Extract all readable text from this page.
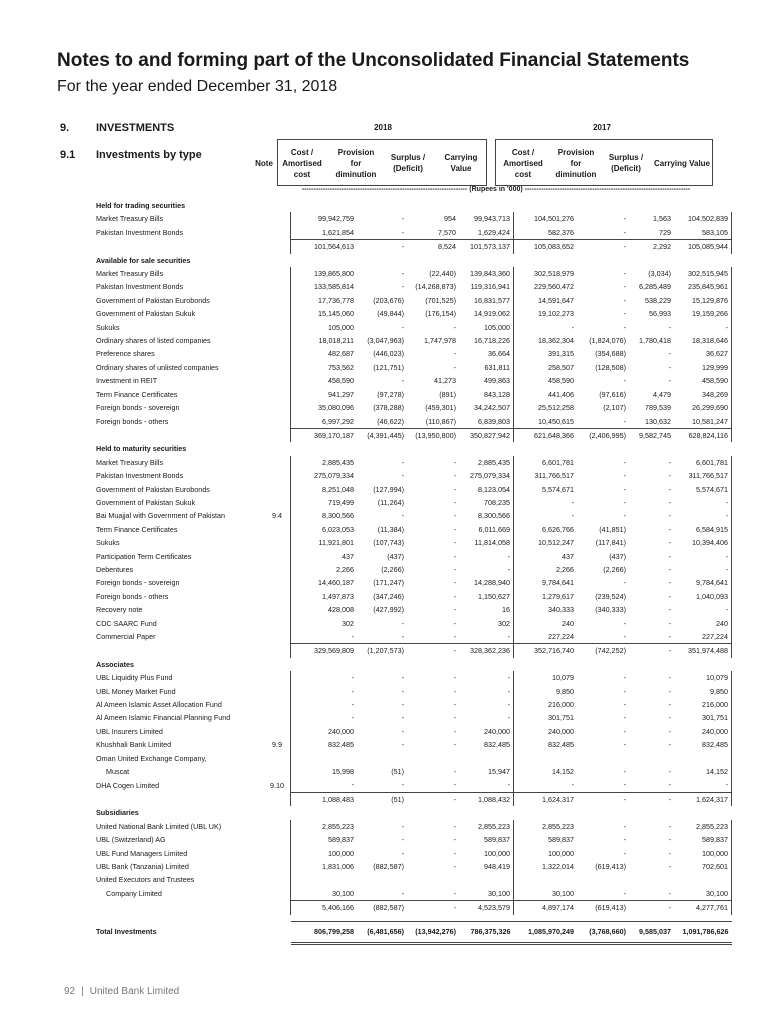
Notes to and forming part of the Unconsolidated Financial Statements
For the year ended December 31, 2018
9. INVESTMENTS
9.1 Investments by type
2018	2017
Note
Cost / Amortised cost
Provision for diminution
Surplus / (Deficit)
Carrying Value
Cost / Amortised cost
Provision for diminution
Surplus / (Deficit)
Carrying Value
----------------------------------------------------------------------- (Rupees in '000) -----------------------------------------------------------------------
Held for trading securities									
Market Treasury Bills		99,942,759	-	954	99,943,713	104,501,276	-	1,563	104,502,839
Pakistan Investment Bonds		1,621,854	-	7,570	1,629,424	582,376	-	729	583,105
		101,564,613	-	8,524	101,573,137	105,083,652	-	2,292	105,085,944
Available for sale securities									
Market Treasury Bills		139,865,800	-	(22,440)	139,843,360	302,518,979	-	(3,034)	302,515,945
Pakistan Investment Bonds		133,585,814	-	(14,268,873)	119,316,941	229,560,472	-	6,285,489	235,845,961
Government of Pakistan Eurobonds		17,736,778	(203,676)	(701,525)	16,831,577	14,591,647	-	538,229	15,129,876
Government of Pakistan Sukuk		15,145,060	(49,844)	(176,154)	14,919,062	19,102,273	-	56,993	19,159,266
Sukuks		105,000	-	-	105,000	-	-	-	-
Ordinary shares of listed companies		18,018,211	(3,047,963)	1,747,978	16,718,226	18,362,304	(1,824,076)	1,780,418	18,318,646
Preference shares		482,687	(446,023)	-	36,664	391,315	(354,688)	-	36,627
Ordinary shares of unlisted companies		753,562	(121,751)	-	631,811	258,507	(128,508)	-	129,999
Investment in REIT		458,590	-	41,273	499,863	458,590	-	-	458,590
Term Finance Certificates		941,297	(97,278)	(891)	843,128	441,406	(97,616)	4,479	348,269
Foreign bonds - sovereign		35,080,096	(378,288)	(459,301)	34,242,507	25,512,258	(2,107)	789,539	26,299,690
Foreign bonds - others		6,997,292	(46,622)	(110,867)	6,839,803	10,450,615	-	130,632	10,581,247
		369,170,187	(4,391,445)	(13,950,800)	350,827,942	621,648,366	(2,406,995)	9,582,745	628,824,116
Held to maturity securities									
Market Treasury Bills		2,885,435	-	-	2,885,435	6,601,781	-	-	6,601,781
Pakistan Investment Bonds		275,079,334	-	-	275,079,334	311,766,517	-	-	311,766,517
Government of Pakistan Eurobonds		8,251,048	(127,994)	-	8,123,054	5,574,671	-	-	5,574,671
Government of Pakistan Sukuk		719,499	(11,264)	-	708,235	-	-	-	-
Bai Muajjal with Government of Pakistan	9.4	8,300,566	-	-	8,300,566	-	-	-	-
Term Finance Certificates		6,023,053	(11,384)	-	6,011,669	6,626,766	(41,851)	-	6,584,915
Sukuks		11,921,801	(107,743)	-	11,814,058	10,512,247	(117,841)	-	10,394,406
Participation Term Certificates		437	(437)	-	-	437	(437)	-	-
Debentures		2,266	(2,266)	-	-	2,266	(2,266)	-	-
Foreign bonds - sovereign		14,460,187	(171,247)	-	14,288,940	9,784,641	-	-	9,784,641
Foreign bonds - others		1,497,873	(347,246)	-	1,150,627	1,279,617	(239,524)	-	1,040,093
Recovery note		428,008	(427,992)	-	16	340,333	(340,333)	-	-
CDC SAARC Fund		302	-	-	302	240	-	-	240
Commercial Paper		-	-	-	-	227,224	-	-	227,224
		329,569,809	(1,207,573)	-	328,362,236	352,716,740	(742,252)	-	351,974,488
Associates									
UBL Liquidity Plus Fund		-	-	-	-	10,079	-	-	10,079
UBL Money Market Fund		-	-	-	-	9,850	-	-	9,850
Al Ameen Islamic Asset Allocation Fund		-	-	-	-	216,000	-	-	216,000
Al Ameen Islamic Financial Planning Fund		-	-	-	-	301,751	-	-	301,751
UBL Insurers Limited		240,000	-	-	240,000	240,000	-	-	240,000
Khushhali Bank Limited	9.9	832,485	-	-	832,485	832,485	-	-	832,485
Oman United Exchange Company,									
Muscat		15,998	(51)	-	15,947	14,152	-	-	14,152
DHA Cogen Limited	9.10	-	-	-	-	-	-	-	-
		1,088,483	(51)	-	1,088,432	1,624,317	-	-	1,624,317
Subsidiaries									
United National Bank Limited (UBL UK)		2,855,223	-	-	2,855,223	2,855,223	-	-	2,855,223
UBL (Switzerland) AG		589,837	-	-	589,837	589,837	-	-	589,837
UBL Fund Managers Limited		100,000	-	-	100,000	100,000	-	-	100,000
UBL Bank (Tanzania) Limited		1,831,006	(882,587)	-	948,419	1,322,014	(619,413)	-	702,601
United Executors and Trustees									
Company Limited		30,100	-	-	30,100	30,100	-	-	30,100
		5,406,166	(882,587)	-	4,523,579	4,897,174	(619,413)	-	4,277,761

Total Investments		806,799,258	(6,481,656)	(13,942,276)	786,375,326	1,085,970,249	(3,768,660)	9,585,037	1,091,786,626
92 | United Bank Limited
